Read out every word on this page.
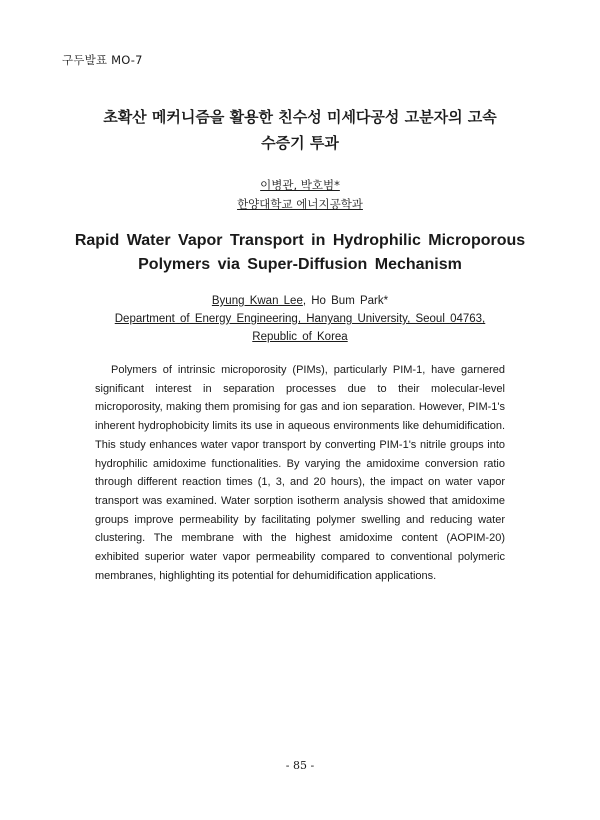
구두발표 MO-7
초확산 메커니즘을 활용한 친수성 미세다공성 고분자의 고속
수증기 투과
이병관, 박호범*
한양대학교 에너지공학과
Rapid Water Vapor Transport in Hydrophilic Microporous
Polymers via Super-Diffusion Mechanism
Byung Kwan Lee, Ho Bum Park*
Department of Energy Engineering, Hanyang University, Seoul 04763,
Republic of Korea

Polymers of intrinsic microporosity (PIMs), particularly PIM-1, have garnered significant interest in separation processes due to their molecular-level microporosity, making them promising for gas and ion separation. However, PIM-1's inherent hydrophobicity limits its use in aqueous environments like dehumidification. This study enhances water vapor transport by converting PIM-1's nitrile groups into hydrophilic amidoxime functionalities. By varying the amidoxime conversion ratio through different reaction times (1, 3, and 20 hours), the impact on water vapor transport was examined. Water sorption isotherm analysis showed that amidoxime groups improve permeability by facilitating polymer swelling and reducing water clustering. The membrane with the highest amidoxime content (AOPIM-20) exhibited superior water vapor permeability compared to conventional polymeric membranes, highlighting its potential for dehumidification applications.

- 85 -
